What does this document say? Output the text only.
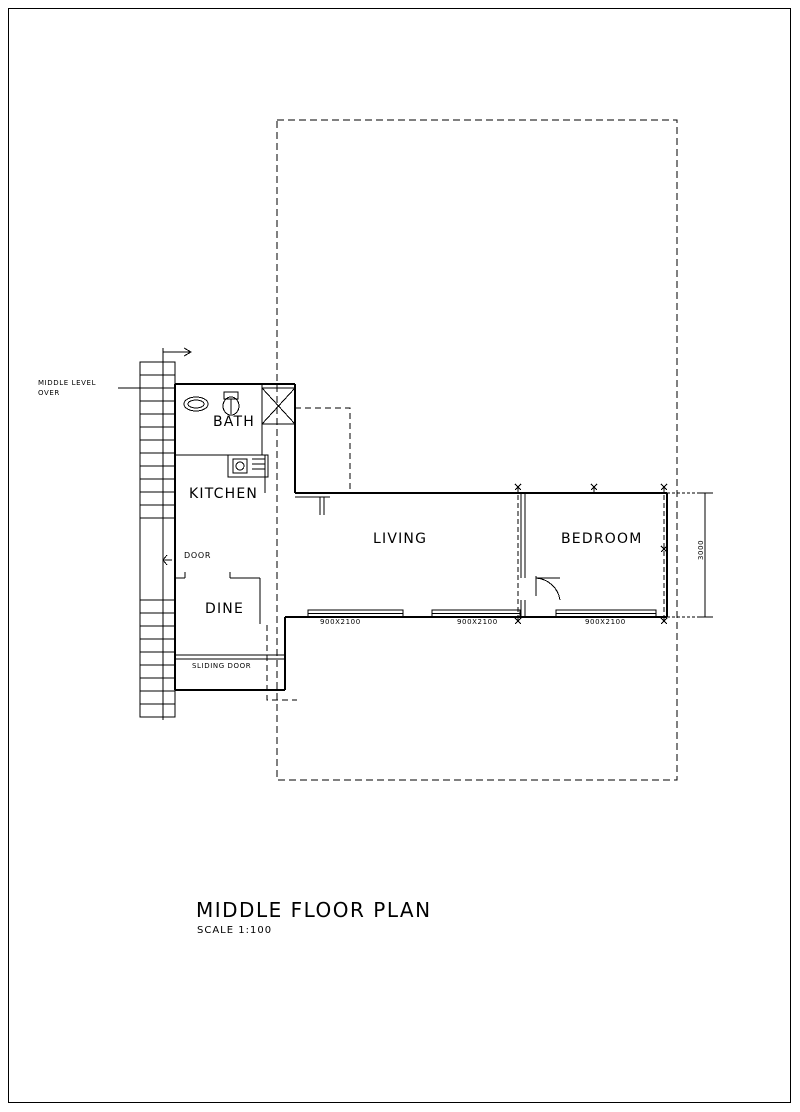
BATH
KITCHEN
DINE
LIVING	BEDROOM
MIDDLE LEVEL
OVER
DOOR
SLIDING DOOR
900X2100	900X2100	900X2100
3000
MIDDLE FLOOR PLAN
SCALE 1:100
